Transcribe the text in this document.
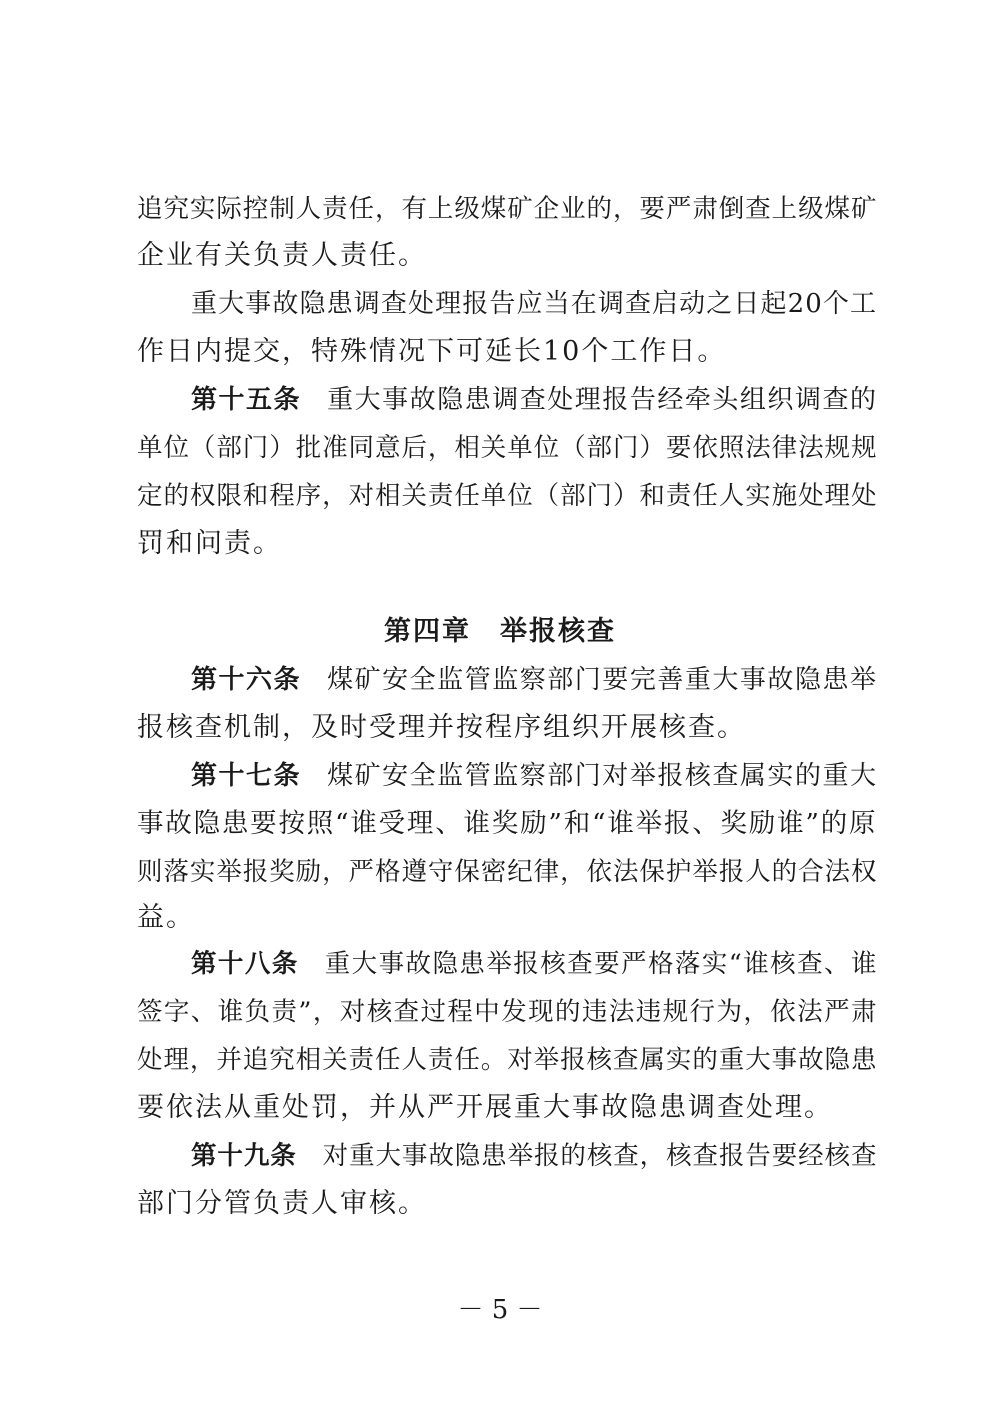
追究实际控制人责任，有上级煤矿企业的，要严肃倒查上级煤矿
企业有关负责人责任。
重大事故隐患调查处理报告应当在调查启动之日起20个工
作日内提交，特殊情况下可延长10个工作日。
第十五条 重大事故隐患调查处理报告经牵头组织调查的
单位（部门）批准同意后，相关单位（部门）要依照法律法规规
定的权限和程序，对相关责任单位（部门）和责任人实施处理处
罚和问责。
第四章　举报核查
第十六条 煤矿安全监管监察部门要完善重大事故隐患举
报核查机制，及时受理并按程序组织开展核查。
第十七条 煤矿安全监管监察部门对举报核查属实的重大
事故隐患要按照“谁受理、谁奖励”和“谁举报、奖励谁”的原
则落实举报奖励，严格遵守保密纪律，依法保护举报人的合法权
益。
第十八条 重大事故隐患举报核查要严格落实“谁核查、谁
签字、谁负责”，对核查过程中发现的违法违规行为，依法严肃
处理，并追究相关责任人责任。对举报核查属实的重大事故隐患
要依法从重处罚，并从严开展重大事故隐患调查处理。
第十九条 对重大事故隐患举报的核查，核查报告要经核查
部门分管负责人审核。
－ 5 －
